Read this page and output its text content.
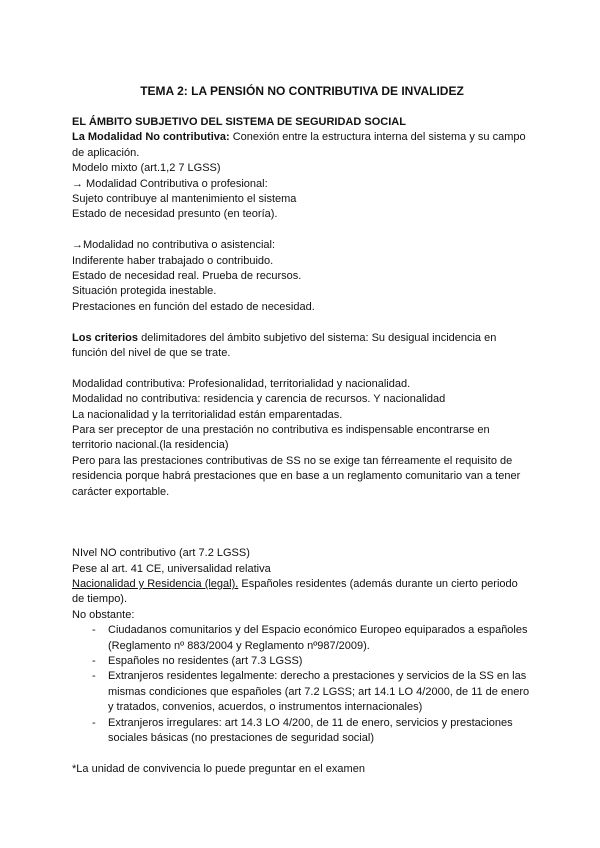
TEMA 2: LA PENSIÓN NO CONTRIBUTIVA DE INVALIDEZ

EL ÁMBITO SUBJETIVO DEL SISTEMA DE SEGURIDAD SOCIAL

La Modalidad No contributiva: Conexión entre la estructura interna del sistema y su campo de aplicación.

Modelo mixto (art.1,2 7 LGSS)

→ Modalidad Contributiva o profesional:

Sujeto contribuye al mantenimiento el sistema

Estado de necesidad presunto (en teoría).

→Modalidad no contributiva o asistencial:

Indiferente haber trabajado o contribuido.

Estado de necesidad real. Prueba de recursos.

Situación protegida inestable.

Prestaciones en función del estado de necesidad.

Los criterios delimitadores del ámbito subjetivo del sistema: Su desigual incidencia en función del nivel de que se trate.

Modalidad contributiva: Profesionalidad, territorialidad y nacionalidad.

Modalidad no contributiva: residencia y carencia de recursos. Y nacionalidad

La nacionalidad y la territorialidad están emparentadas.

Para ser preceptor de una prestación no contributiva es indispensable encontrarse en territorio nacional.(la residencia)

Pero para las prestaciones contributivas de SS no se exige tan férreamente el requisito de residencia porque habrá prestaciones que en base a un reglamento comunitario van a tener carácter exportable.

NIvel NO contributivo (art 7.2 LGSS)

Pese al art. 41 CE, universalidad relativa

Nacionalidad y Residencia (legal). Españoles residentes (además durante un cierto periodo de tiempo).

No obstante:

- Ciudadanos comunitarios y del Espacio económico Europeo equiparados a españoles (Reglamento nº 883/2004 y Reglamento nº987/2009).
- Españoles no residentes (art 7.3 LGSS)
- Extranjeros residentes legalmente: derecho a prestaciones y servicios de la SS en las mismas condiciones que españoles (art 7.2 LGSS; art 14.1 LO 4/2000, de 11 de enero y tratados, convenios, acuerdos, o instrumentos internacionales)
- Extranjeros irregulares: art 14.3 LO 4/200, de 11 de enero, servicios y prestaciones sociales básicas (no prestaciones de seguridad social)

*La unidad de convivencia lo puede preguntar en el examen
